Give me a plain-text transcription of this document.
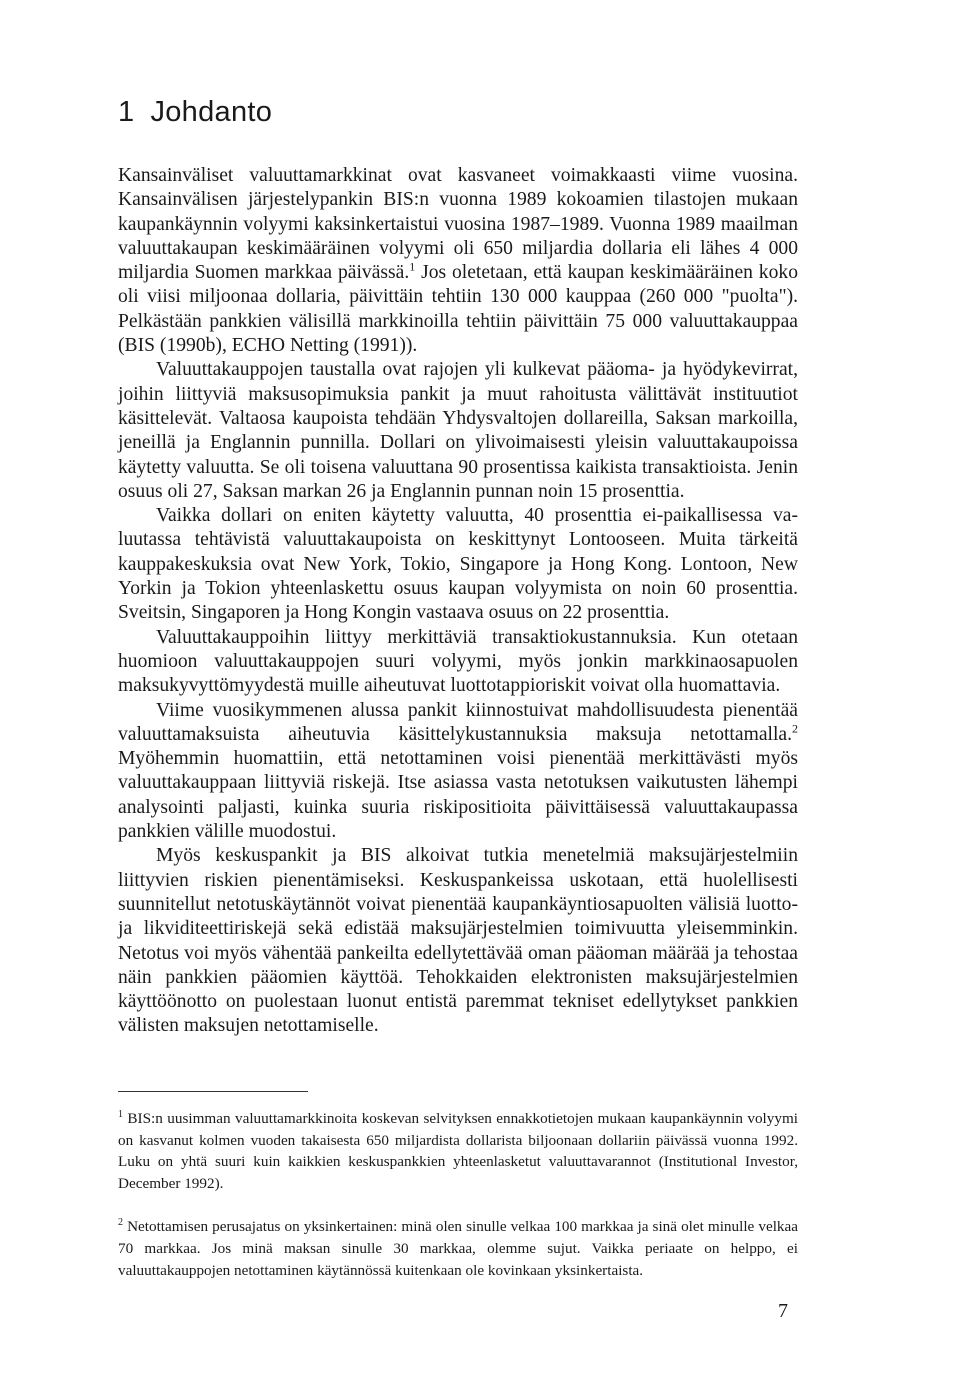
1 Johdanto

Kansainväliset valuuttamarkkinat ovat kasvaneet voimakkaasti viime vuosina. Kansainvälisen järjestelypankin BIS:n vuonna 1989 kokoamien tilastojen mukaan kaupankäynnin volyymi kaksinkertaistui vuosina 1987–1989. Vuonna 1989 maailman valuuttakaupan keskimääräinen volyymi oli 650 miljardia dollaria eli lähes 4 000 miljardia Suomen markkaa päivässä.$^1$ Jos oletetaan, että kaupan keskimääräinen koko oli viisi miljoonaa dollaria, päivittäin tehtiin 130 000 kauppaa (260 000 "puolta"). Pelkästään pankkien välisillä markkinoilla tehtiin päivittäin 75 000 valuuttakauppaa (BIS (1990b), ECHO Netting (1991)).

Valuuttakauppojen taustalla ovat rajojen yli kulkevat pääoma- ja hyödykevirrat, joihin liittyviä maksusopimuksia pankit ja muut rahoitusta välittävät instituutiot käsittelevät. Valtaosa kaupoista tehdään Yhdysvaltojen dollareilla, Saksan markoilla, jeneillä ja Englannin punnilla. Dollari on ylivoimaisesti yleisin valuuttakaupoissa käytetty valuutta. Se oli toisena valuuttana 90 prosentissa kaikista transaktioista. Jenin osuus oli 27, Saksan markan 26 ja Englannin punnan noin 15 prosenttia.

Vaikka dollari on eniten käytetty valuutta, 40 prosenttia ei-paikallisessa valuutassa tehtävistä valuuttakaupoista on keskittynyt Lontooseen. Muita tärkeitä kauppakeskuksia ovat New York, Tokio, Singapore ja Hong Kong. Lontoon, New Yorkin ja Tokion yhteenlaskettu osuus kaupan volyymista on noin 60 prosenttia. Sveitsin, Singaporen ja Hong Kongin vastaava osuus on 22 prosenttia.

Valuuttakauppoihin liittyy merkittäviä transaktiokustannuksia. Kun otetaan huomioon valuuttakauppojen suuri volyymi, myös jonkin markkinaosapuolen maksukyvyttömyydestä muille aiheutuvat luottotappioriskit voivat olla huomattavia.

Viime vuosikymmenen alussa pankit kiinnostuivat mahdollisuudesta pienentää valuuttamaksuista aiheutuvia käsittelykustannuksia maksuja netottamalla.$^2$ Myöhemmin huomattiin, että netottaminen voisi pienentää merkittävästi myös valuuttakauppaan liittyviä riskejä. Itse asiassa vasta netotuksen vaikutusten lähempi analysointi paljasti, kuinka suuria riskipositioita päivittäisessä valuuttakaupassa pankkien välille muodostui.

Myös keskuspankit ja BIS alkoivat tutkia menetelmiä maksujärjestelmiin liittyvien riskien pienentämiseksi. Keskuspankeissa uskotaan, että huolellisesti suunnitellut netotuskäytännöt voivat pienentää kaupankäyntiosapuolten välisiä luotto- ja likviditeettiriskejä sekä edistää maksujärjestelmien toimivuutta yleisemminkin. Netotus voi myös vähentää pankeilta edellytettävää oman pääoman määrää ja tehostaa näin pankkien pääomien käyttöä. Tehokkaiden elektronisten maksujärjestelmien käyttöönotto on puolestaan luonut entistä paremmat tekniset edellytykset pankkien välisten maksujen netottamiselle.

$^1$ BIS:n uusimman valuuttamarkkinoita koskevan selvityksen ennakkotietojen mukaan kaupankäynnin volyymi on kasvanut kolmen vuoden takaisesta 650 miljardista dollarista biljoonaan dollariin päivässä vuonna 1992. Luku on yhtä suuri kuin kaikkien keskuspankkien yhteenlasketut valuuttavarannot (Institutional Investor, December 1992).

$^2$ Netottamisen perusajatus on yksinkertainen: minä olen sinulle velkaa 100 markkaa ja sinä olet minulle velkaa 70 markkaa. Jos minä maksan sinulle 30 markkaa, olemme sujut. Vaikka periaate on helppo, ei valuuttakauppojen netottaminen käytännössä kuitenkaan ole kovinkaan yksinkertaista.

7
